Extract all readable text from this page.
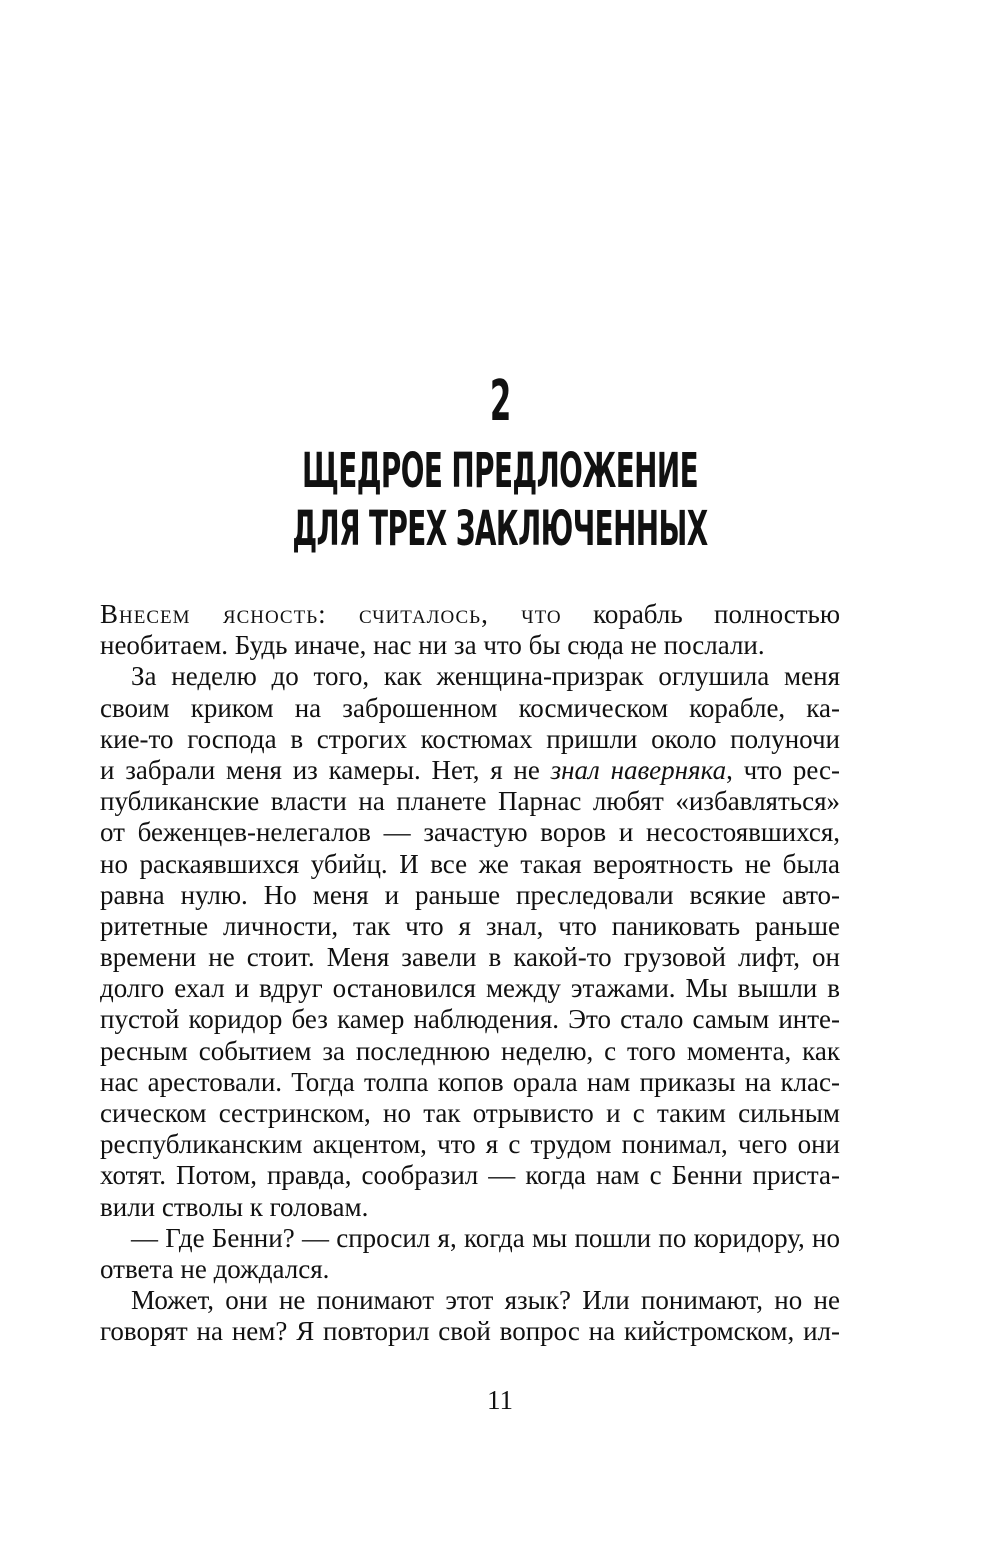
2
ЩЕДРОЕ ПРЕДЛОЖЕНИЕ
ДЛЯ ТРЕХ ЗАКЛЮЧЕННЫХ
Внесем ясность: считалось, что корабль полностью
необитаем. Будь иначе, нас ни за что бы сюда не послали.
За неделю до того, как женщина-призрак оглушила меня
своим криком на заброшенном космическом корабле, ка-
кие-то господа в строгих костюмах пришли около полуночи
и забрали меня из камеры. Нет, я не знал наверняка, что рес-
публиканские власти на планете Парнас любят «избавляться»
от беженцев-нелегалов — зачастую воров и несостоявшихся,
но раскаявшихся убийц. И все же такая вероятность не была
равна нулю. Но меня и раньше преследовали всякие авто-
ритетные личности, так что я знал, что паниковать раньше
времени не стоит. Меня завели в какой-то грузовой лифт, он
долго ехал и вдруг остановился между этажами. Мы вышли в
пустой коридор без камер наблюдения. Это стало самым инте-
ресным событием за последнюю неделю, с того момента, как
нас арестовали. Тогда толпа копов орала нам приказы на клас-
сическом сестринском, но так отрывисто и с таким сильным
республиканским акцентом, что я с трудом понимал, чего они
хотят. Потом, правда, сообразил — когда нам с Бенни приста-
вили стволы к головам.
— Где Бенни? — спросил я, когда мы пошли по коридору, но
ответа не дождался.
Может, они не понимают этот язык? Или понимают, но не
говорят на нем? Я повторил свой вопрос на кийстромском, ил-
11
